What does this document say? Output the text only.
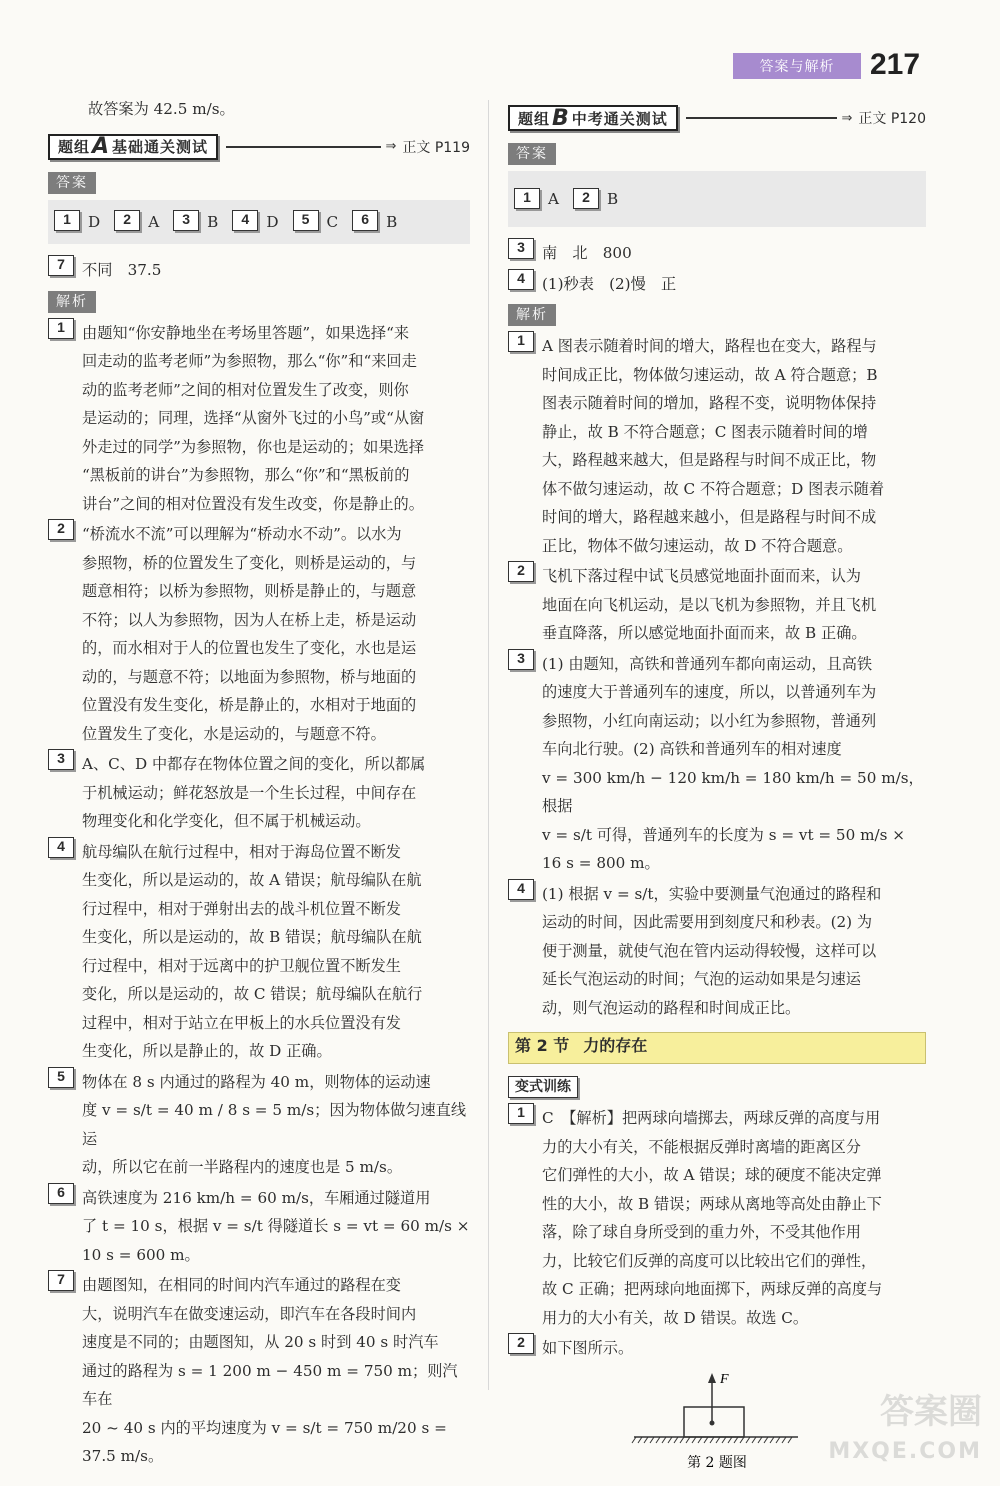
答案与解析	217

故答案为 42.5 m/s。

题组 A 基础通关测试	⇒ 正文 P119
答案
1	D	2	A	3	B	4	D	5	C	6	B
7	不同　37.5
解析
1	由题知“你安静地坐在考场里答题”，如果选择“来
回走动的监考老师”为参照物，那么“你”和“来回走
动的监考老师”之间的相对位置发生了改变，则你
是运动的；同理，选择“从窗外飞过的小鸟”或“从窗
外走过的同学”为参照物，你也是运动的；如果选择
“黑板前的讲台”为参照物，那么“你”和“黑板前的
讲台”之间的相对位置没有发生改变，你是静止的。
2	“桥流水不流”可以理解为“桥动水不动”。以水为
参照物，桥的位置发生了变化，则桥是运动的，与
题意相符；以桥为参照物，则桥是静止的，与题意
不符；以人为参照物，因为人在桥上走，桥是运动
的，而水相对于人的位置也发生了变化，水也是运
动的，与题意不符；以地面为参照物，桥与地面的
位置没有发生变化，桥是静止的，水相对于地面的
位置发生了变化，水是运动的，与题意不符。
3	A、C、D 中都存在物体位置之间的变化，所以都属
于机械运动；鲜花怒放是一个生长过程，中间存在
物理变化和化学变化，但不属于机械运动。
4	航母编队在航行过程中，相对于海岛位置不断发
生变化，所以是运动的，故 A 错误；航母编队在航
行过程中，相对于弹射出去的战斗机位置不断发
生变化，所以是运动的，故 B 错误；航母编队在航
行过程中，相对于远离中的护卫舰位置不断发生
变化，所以是运动的，故 C 错误；航母编队在航行
过程中，相对于站立在甲板上的水兵位置没有发
生变化，所以是静止的，故 D 正确。
5	物体在 8 s 内通过的路程为 40 m，则物体的运动速
度 v = s/t = 40 m / 8 s = 5 m/s；因为物体做匀速直线运
动，所以它在前一半路程内的速度也是 5 m/s。
6	高铁速度为 216 km/h = 60 m/s，车厢通过隧道用
了 t = 10 s，根据 v = s/t 得隧道长 s = vt = 60 m/s ×
10 s = 600 m。
7	由题图知，在相同的时间内汽车通过的路程在变
大，说明汽车在做变速运动，即汽车在各段时间内
速度是不同的；由题图知，从 20 s 时到 40 s 时汽车
通过的路程为 s = 1 200 m − 450 m = 750 m；则汽车在
20 ~ 40 s 内的平均速度为 v = s/t = 750 m/20 s =
37.5 m/s。
题组 B 中考通关测试	⇒ 正文 P120
答案
1	A	2	B
3	南　北　800
4	(1)秒表　(2)慢　正
解析
1	A 图表示随着时间的增大，路程也在变大，路程与
时间成正比，物体做匀速运动，故 A 符合题意；B
图表示随着时间的增加，路程不变，说明物体保持
静止，故 B 不符合题意；C 图表示随着时间的增
大，路程越来越大，但是路程与时间不成正比，物
体不做匀速运动，故 C 不符合题意；D 图表示随着
时间的增大，路程越来越小，但是路程与时间不成
正比，物体不做匀速运动，故 D 不符合题意。
2	飞机下落过程中试飞员感觉地面扑面而来，认为
地面在向飞机运动，是以飞机为参照物，并且飞机
垂直降落，所以感觉地面扑面而来，故 B 正确。
3	(1) 由题知，高铁和普通列车都向南运动，且高铁
的速度大于普通列车的速度，所以，以普通列车为
参照物，小红向南运动；以小红为参照物，普通列
车向北行驶。(2) 高铁和普通列车的相对速度
v = 300 km/h − 120 km/h = 180 km/h = 50 m/s，根据
v = s/t 可得，普通列车的长度为 s = vt = 50 m/s ×
16 s = 800 m。
4	(1) 根据 v = s/t，实验中要测量气泡通过的路程和
运动的时间，因此需要用到刻度尺和秒表。(2) 为
便于测量，就使气泡在管内运动得较慢，这样可以
延长气泡运动的时间；气泡的运动如果是匀速运
动，则气泡运动的路程和时间成正比。
第 2 节 力的存在
变式训练
1	C　【解析】把两球向墙掷去，两球反弹的高度与用
力的大小有关，不能根据反弹时离墙的距离区分
它们弹性的大小，故 A 错误；球的硬度不能决定弹
性的大小，故 B 错误；两球从离地等高处由静止下
落，除了球自身所受到的重力外，不受其他作用
力，比较它们反弹的高度可以比较出它们的弹性，
故 C 正确；把两球向地面掷下，两球反弹的高度与
用力的大小有关，故 D 错误。故选 C。
2	如下图所示。
F
第 2 题图
答案圈
MXQE.COM
